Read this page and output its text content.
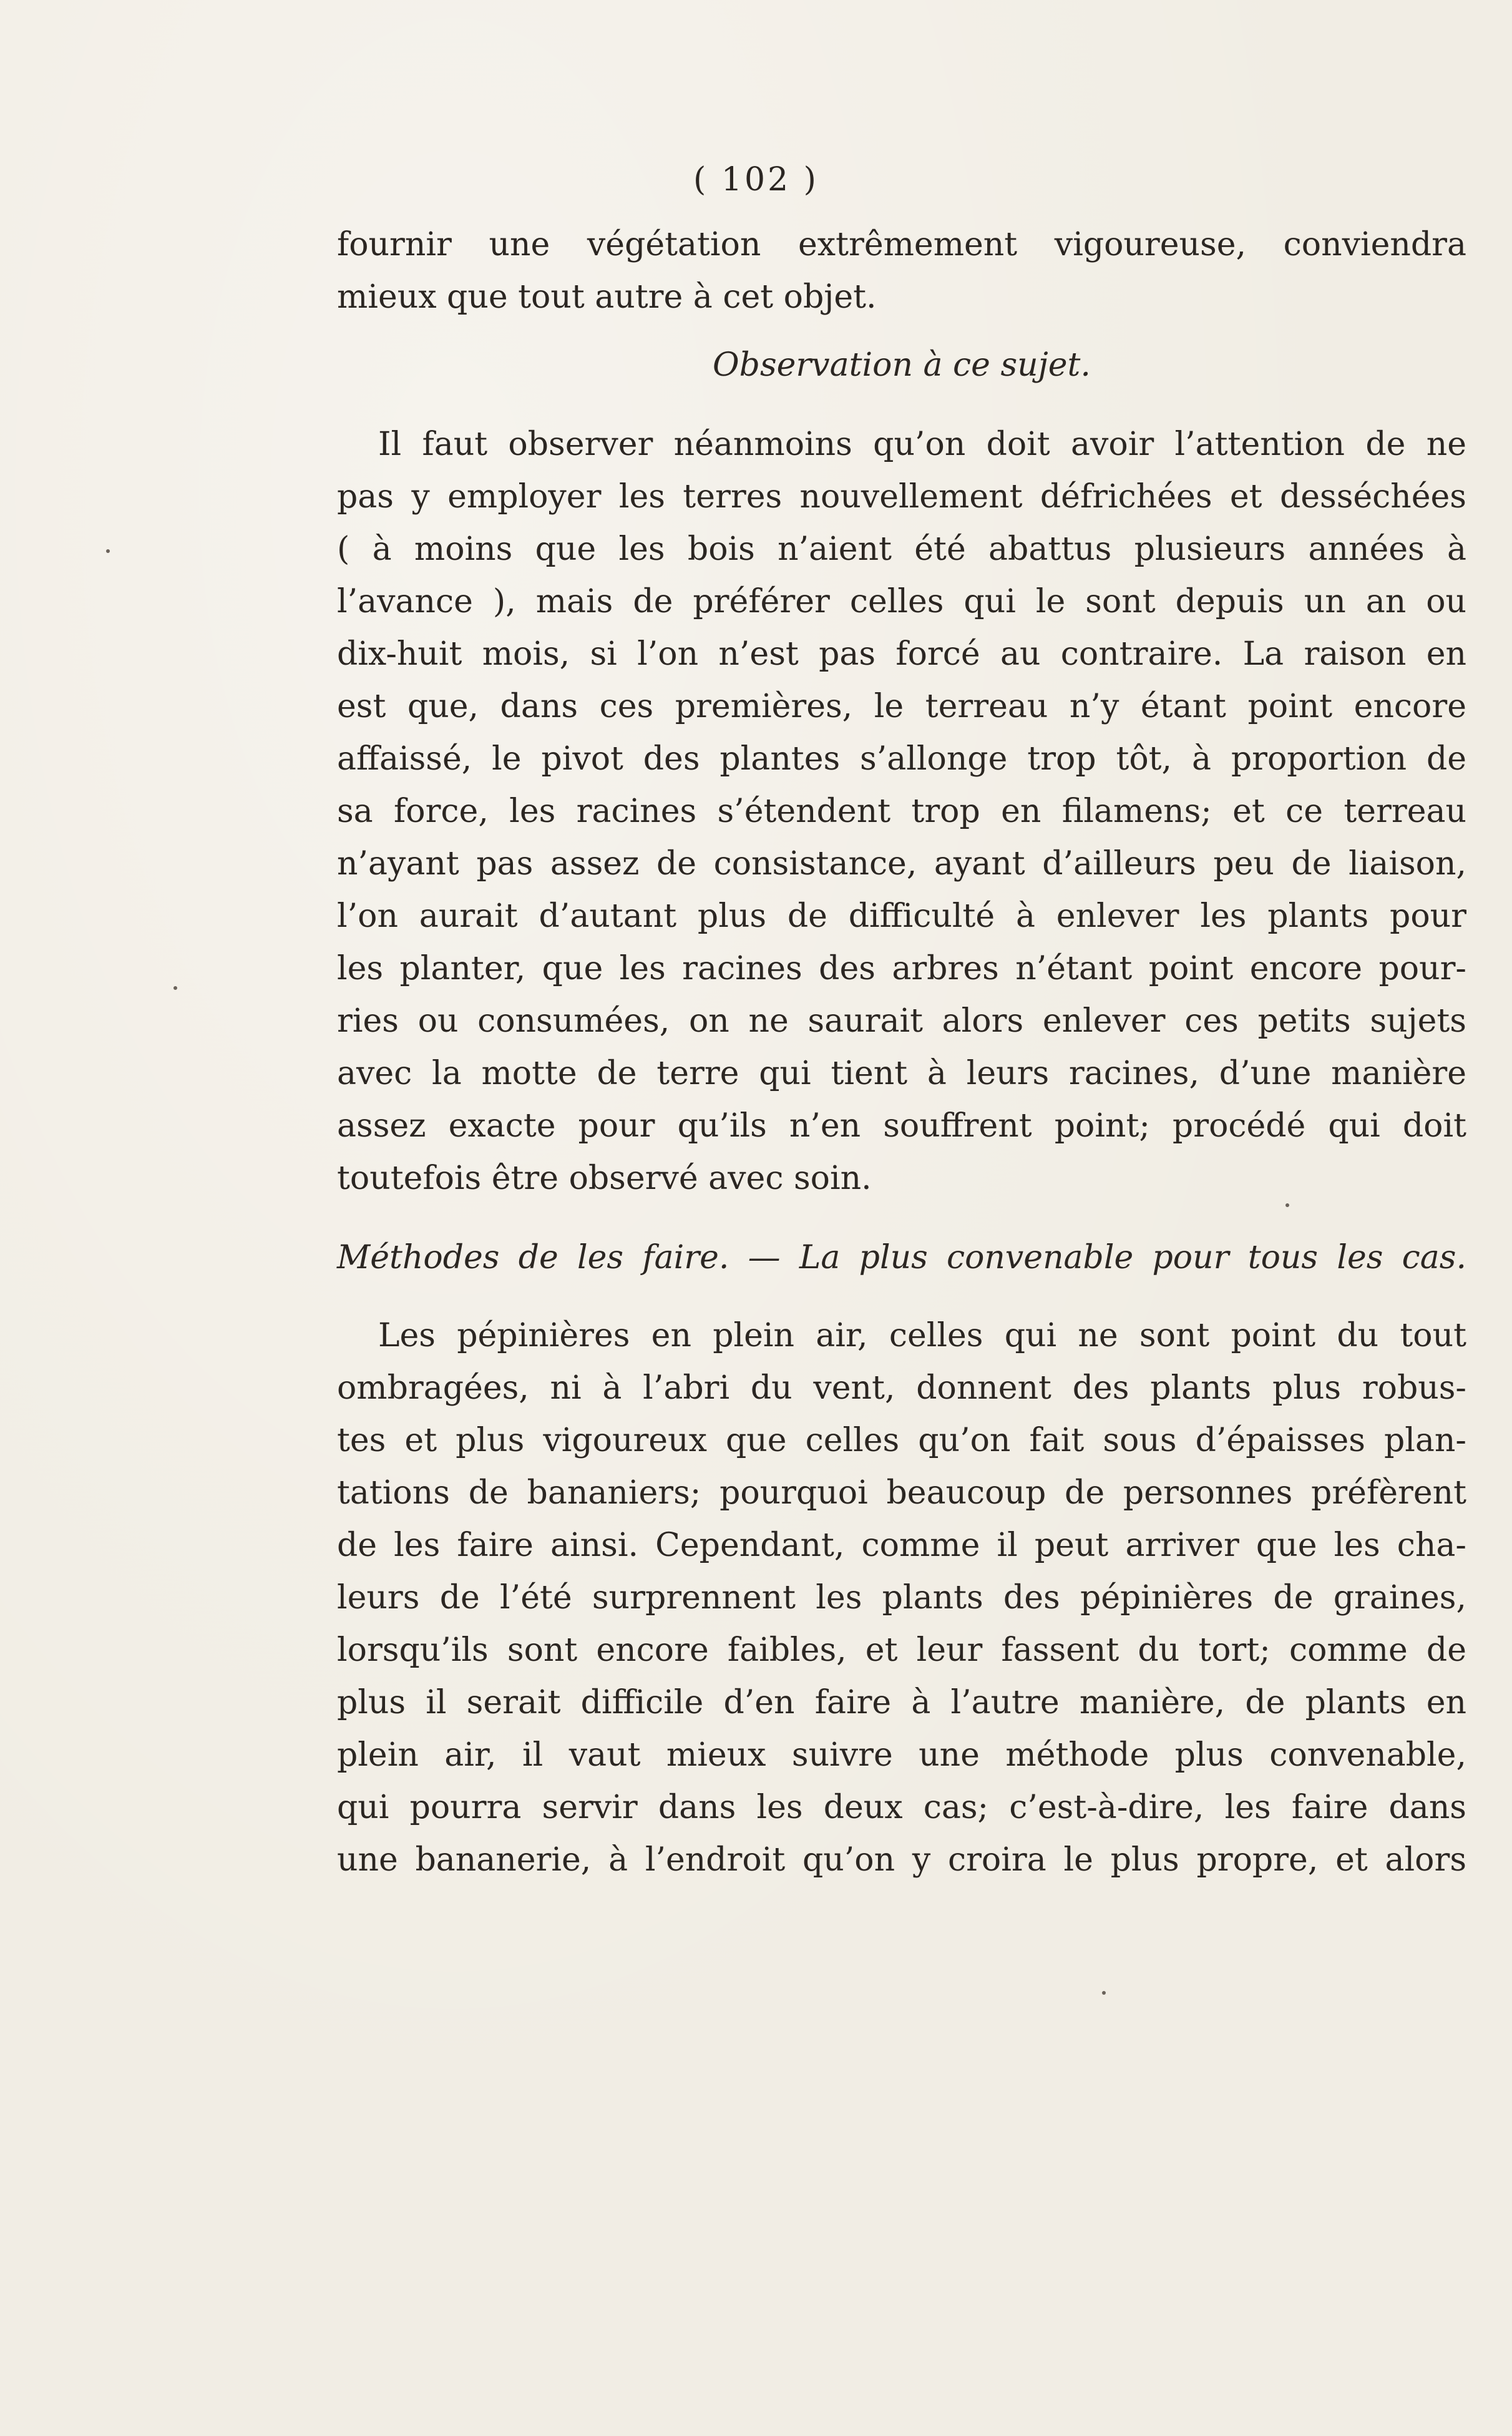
( 102 )
fournir une végétation extrêmement vigoureuse, conviendra
mieux que tout autre à cet objet.
Observation à ce sujet.
Il faut observer néanmoins qu’on doit avoir l’attention de ne
pas y employer les terres nouvellement défrichées et desséchées
( à moins que les bois n’aient été abattus plusieurs années à
l’avance ), mais de préférer celles qui le sont depuis un an ou
dix-huit mois, si l’on n’est pas forcé au contraire. La raison en
est que, dans ces premières, le terreau n’y étant point encore
affaissé, le pivot des plantes s’allonge trop tôt, à proportion de
sa force, les racines s’étendent trop en filamens; et ce terreau
n’ayant pas assez de consistance, ayant d’ailleurs peu de liaison,
l’on aurait d’autant plus de difficulté à enlever les plants pour
les planter, que les racines des arbres n’étant point encore pour-
ries ou consumées, on ne saurait alors enlever ces petits sujets
avec la motte de terre qui tient à leurs racines, d’une manière
assez exacte pour qu’ils n’en souffrent point; procédé qui doit
toutefois être observé avec soin.
Méthodes de les faire. — La plus convenable pour tous les cas.
Les pépinières en plein air, celles qui ne sont point du tout
ombragées, ni à l’abri du vent, donnent des plants plus robus-
tes et plus vigoureux que celles qu’on fait sous d’épaisses plan-
tations de bananiers; pourquoi beaucoup de personnes préfèrent
de les faire ainsi. Cependant, comme il peut arriver que les cha-
leurs de l’été surprennent les plants des pépinières de graines,
lorsqu’ils sont encore faibles, et leur fassent du tort; comme de
plus il serait difficile d’en faire à l’autre manière, de plants en
plein air, il vaut mieux suivre une méthode plus convenable,
qui pourra servir dans les deux cas; c’est-à-dire, les faire dans
une bananerie, à l’endroit qu’on y croira le plus propre, et alors
